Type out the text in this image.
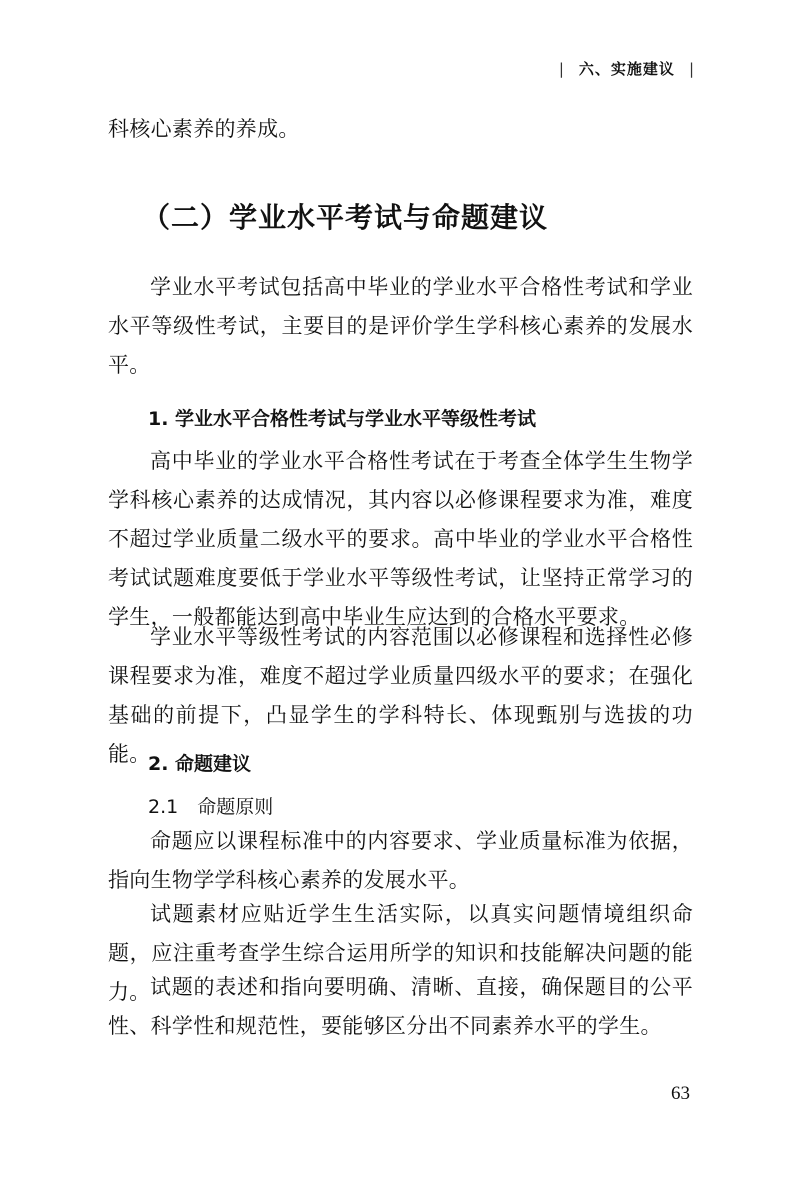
| 六、实施建议 |
科核心素养的养成。
（二）学业水平考试与命题建议
学业水平考试包括高中毕业的学业水平合格性考试和学业水平等级性考试，主要目的是评价学生学科核心素养的发展水平。
1. 学业水平合格性考试与学业水平等级性考试
高中毕业的学业水平合格性考试在于考查全体学生生物学学科核心素养的达成情况，其内容以必修课程要求为准，难度不超过学业质量二级水平的要求。高中毕业的学业水平合格性考试试题难度要低于学业水平等级性考试，让坚持正常学习的学生，一般都能达到高中毕业生应达到的合格水平要求。
学业水平等级性考试的内容范围以必修课程和选择性必修课程要求为准，难度不超过学业质量四级水平的要求；在强化基础的前提下，凸显学生的学科特长、体现甄别与选拔的功能。
2. 命题建议
2.1　命题原则
命题应以课程标准中的内容要求、学业质量标准为依据，指向生物学学科核心素养的发展水平。
试题素材应贴近学生生活实际，以真实问题情境组织命题，应注重考查学生综合运用所学的知识和技能解决问题的能力。 试题的表述和指向要明确、清晰、直接，确保题目的公平性、科学性和规范性，要能够区分出不同素养水平的学生。
63
